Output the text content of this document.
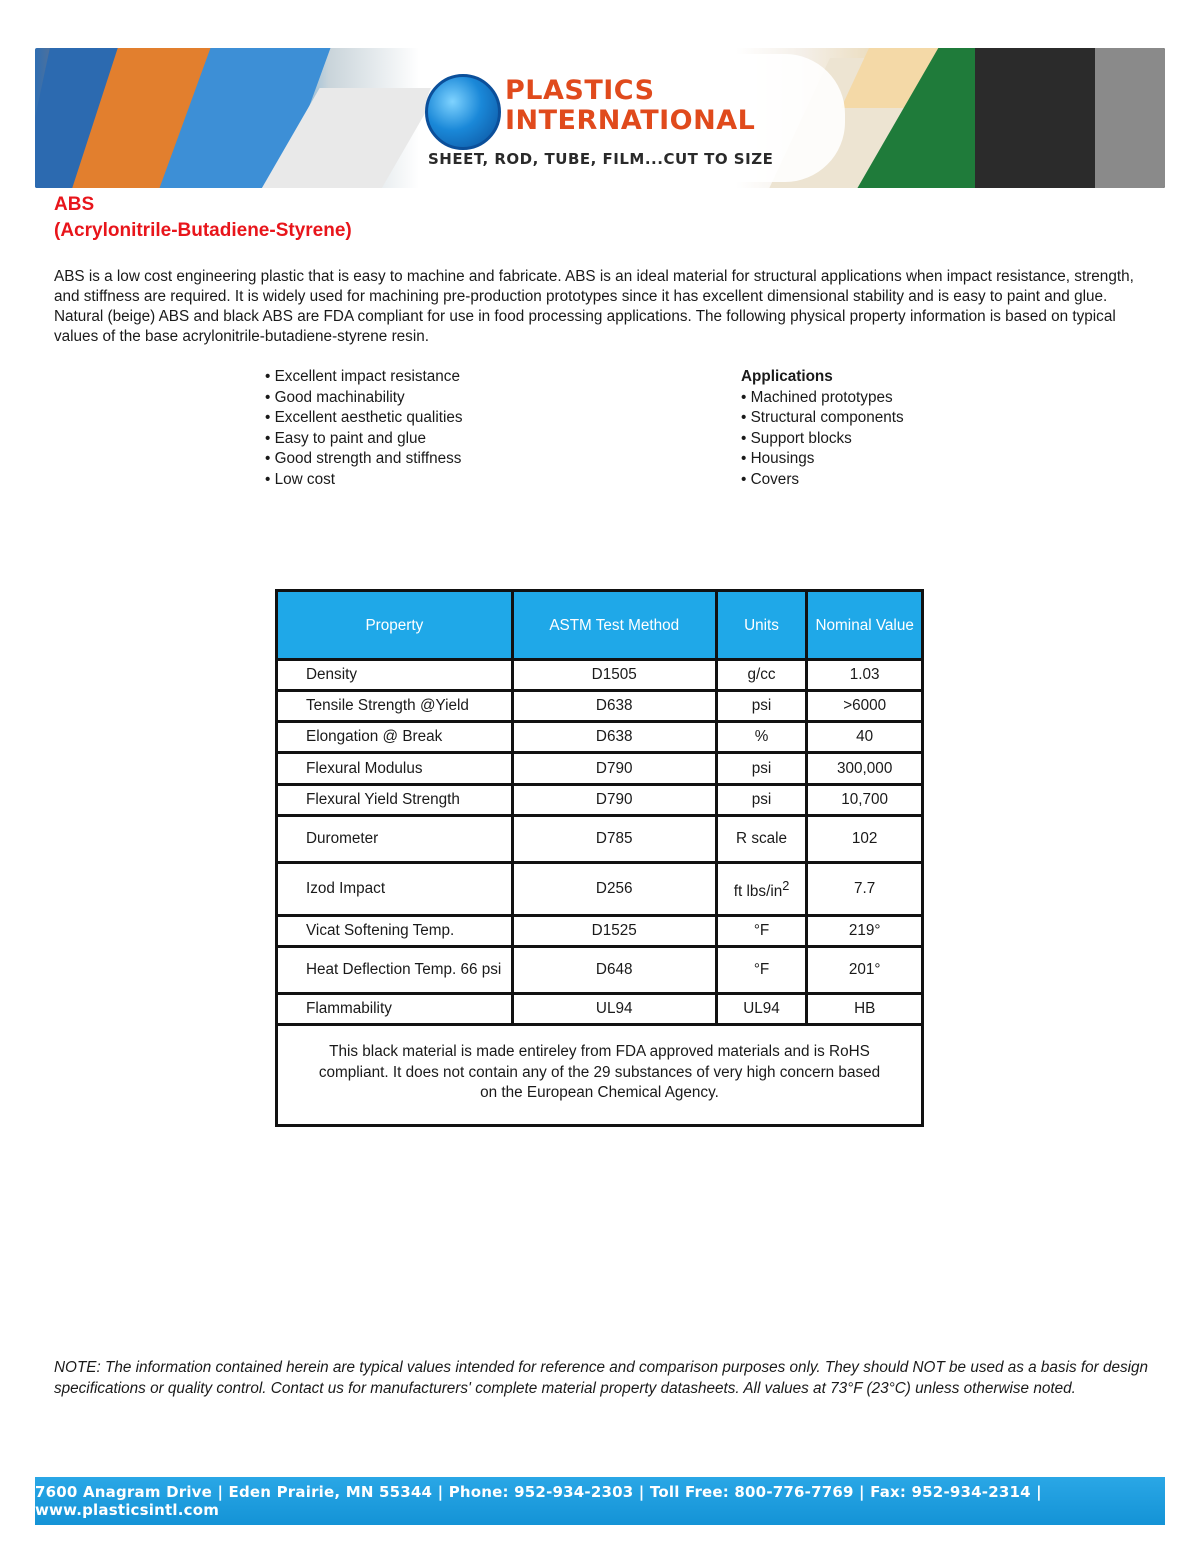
PLASTICS
INTERNATIONAL
SHEET, ROD, TUBE, FILM...CUT TO SIZE
ABS
(Acrylonitrile-Butadiene-Styrene)
ABS is a low cost engineering plastic that is easy to machine and fabricate. ABS is an ideal material for structural applications when impact resistance, strength, and stiffness are required. It is widely used for machining pre-production prototypes since it has excellent dimensional stability and is easy to paint and glue. Natural (beige) ABS and black ABS are FDA compliant for use in food processing applications. The following physical property information is based on typical values of the base acrylonitrile-butadiene-styrene resin.
• Excellent impact resistance
• Good machinability
• Excellent aesthetic qualities
• Easy to paint and glue
• Good strength and stiffness
• Low cost
Applications
• Machined prototypes
• Structural components
• Support blocks
• Housings
• Covers
Property	ASTM Test Method	Units	Nominal Value
Density	D1505	g/cc	1.03
Tensile Strength @Yield	D638	psi	>6000
Elongation @ Break	D638	%	40
Flexural Modulus	D790	psi	300,000
Flexural Yield Strength	D790	psi	10,700
Durometer	D785	R scale	102
Izod Impact	D256	ft lbs/$in^2$	7.7
Vicat Softening Temp.	D1525	°F	219°
Heat Deflection Temp. 66 psi	D648	°F	201°
Flammability	UL94	UL94	HB
This black material is made entireley from FDA approved materials and is RoHS compliant. It does not contain any of the 29 substances of very high concern based on the European Chemical Agency.			
NOTE: The information contained herein are typical values intended for reference and comparison purposes only. They should NOT be used as a basis for design specifications or quality control. Contact us for manufacturers' complete material property datasheets. All values at 73°F (23°C) unless otherwise noted.
7600 Anagram Drive | Eden Prairie, MN 55344 | Phone: 952-934-2303 | Toll Free: 800-776-7769 | Fax: 952-934-2314 | www.plasticsintl.com
